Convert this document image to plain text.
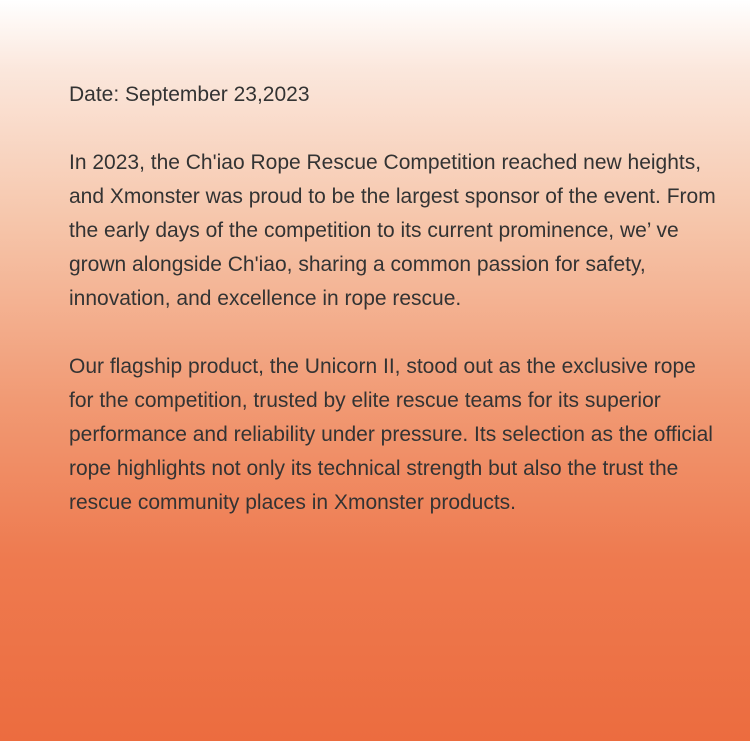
Date: September 23,2023

In 2023, the Ch'iao Rope Rescue Competition reached new heights, and Xmonster was proud to be the largest sponsor of the event. From the early days of the competition to its current prominence, we’ ve grown alongside Ch'iao, sharing a common passion for safety, innovation, and excellence in rope rescue.

Our flagship product, the Unicorn II, stood out as the exclusive rope for the competition, trusted by elite rescue teams for its superior performance and reliability under pressure. Its selection as the official rope highlights not only its technical strength but also the trust the rescue community places in Xmonster products.
